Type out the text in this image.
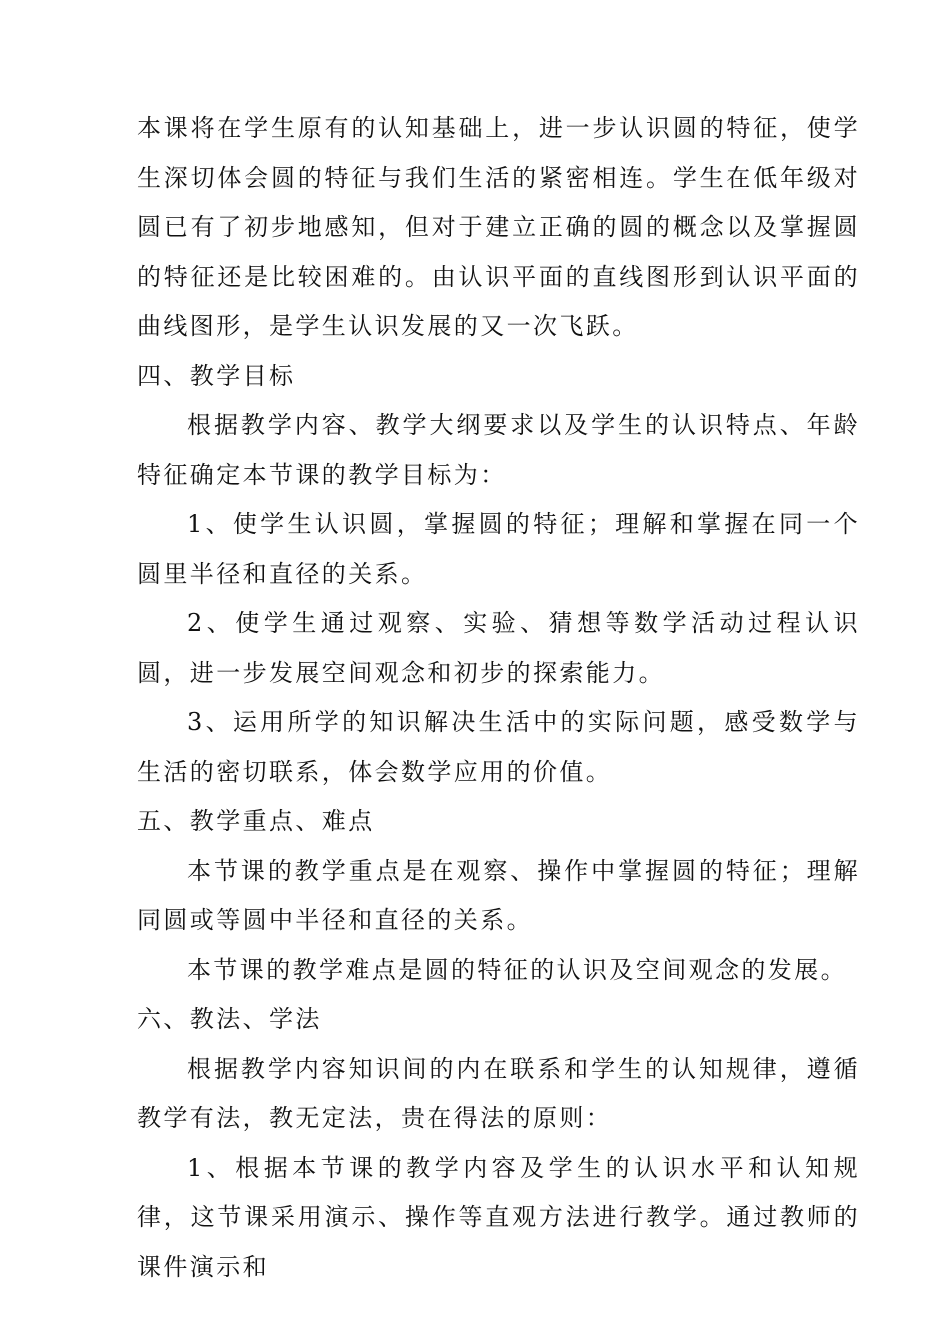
本课将在学生原有的认知基础上，进一步认识圆的特征，使学生深切体会圆的特征与我们生活的紧密相连。学生在低年级对圆已有了初步地感知，但对于建立正确的圆的概念以及掌握圆的特征还是比较困难的。由认识平面的直线图形到认识平面的曲线图形，是学生认识发展的又一次飞跃。

四、教学目标

根据教学内容、教学大纲要求以及学生的认识特点、年龄特征确定本节课的教学目标为：

1、使学生认识圆，掌握圆的特征；理解和掌握在同一个圆里半径和直径的关系。

2、使学生通过观察、实验、猜想等数学活动过程认识圆，进一步发展空间观念和初步的探索能力。

3、运用所学的知识解决生活中的实际问题，感受数学与生活的密切联系，体会数学应用的价值。

五、教学重点、难点

本节课的教学重点是在观察、操作中掌握圆的特征；理解同圆或等圆中半径和直径的关系。

本节课的教学难点是圆的特征的认识及空间观念的发展。

六、教法、学法

根据教学内容知识间的内在联系和学生的认知规律，遵循教学有法，教无定法，贵在得法的原则：

1、根据本节课的教学内容及学生的认识水平和认知规律，这节课采用演示、操作等直观方法进行教学。通过教师的课件演示和
